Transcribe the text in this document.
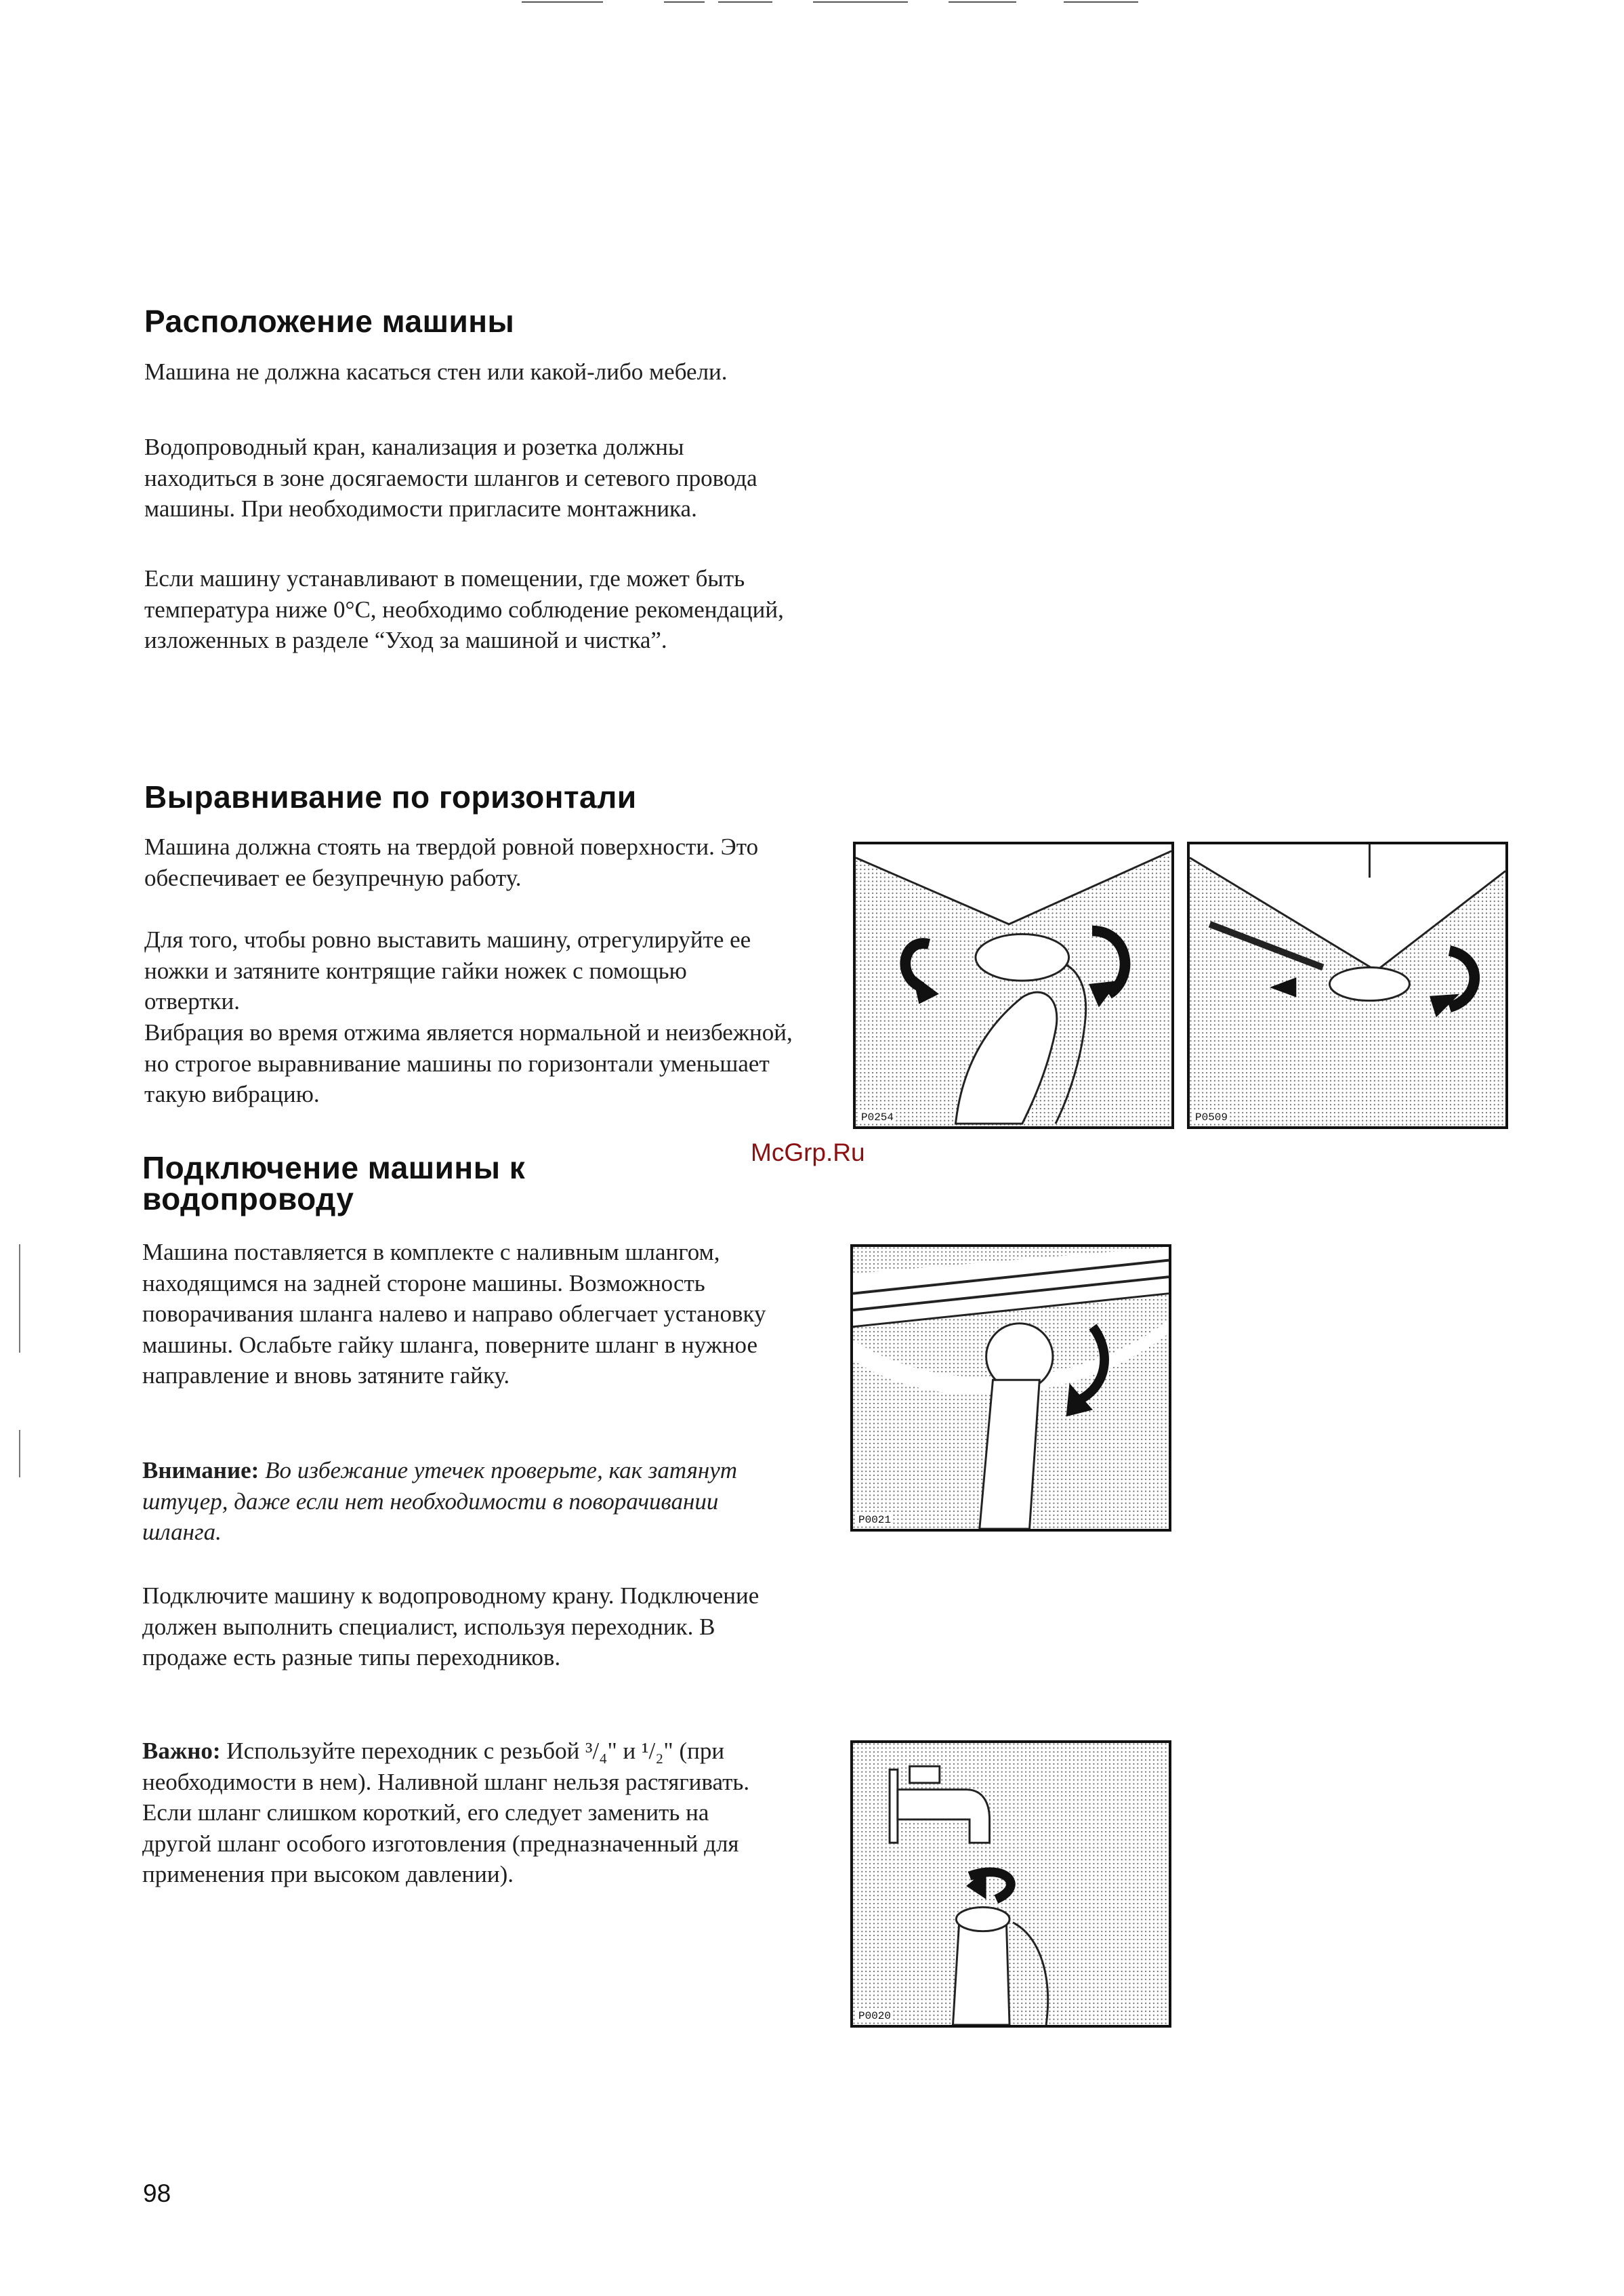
Расположение машины

Машина не должна касаться стен или какой-либо мебели.

Водопроводный кран, канализация и розетка должны находиться в зоне досягаемости шлангов и сетевого провода машины. При необходимости пригласите монтажника.

Если машину устанавливают в помещении, где может быть температура ниже 0°С, необходимо соблюдение рекомендаций, изложенных в разделе “Уход за машиной и чистка”.

Выравнивание по горизонтали

Машина должна стоять на твердой ровной поверхности. Это обеспечивает ее безупречную работу.

Для того, чтобы ровно выставить машину, отрегулируйте ее ножки и затяните контрящие гайки ножек с помощью отвертки.

Вибрация во время отжима является нормальной и неизбежной, но строгое выравнивание машины по горизонтали уменьшает такую вибрацию.

P0254	P0509
McGrp.Ru
Подключение машины к
водопроводу

Машина поставляется в комплекте с наливным шлангом, находящимся на задней стороне машины. Возможность поворачивания шланга налево и направо облегчает установку машины. Ослабьте гайку шланга, поверните шланг в нужное направление и вновь затяните гайку.

Внимание: Во избежание утечек проверьте, как затянут штуцер, даже если нет необходимости в поворачивании шланга.

Подключите машину к водопроводному крану. Подключение должен выполнить специалист, используя переходник. В продаже есть разные типы переходников.

Важно: Используйте переходник с резьбой ³/₄" и ¹/₂" (при необходимости в нем). Наливной шланг нельзя растягивать. Если шланг слишком короткий, его следует заменить на другой шланг особого изготовления (предназначенный для применения при высоком давлении).

P0021
P0020
98
